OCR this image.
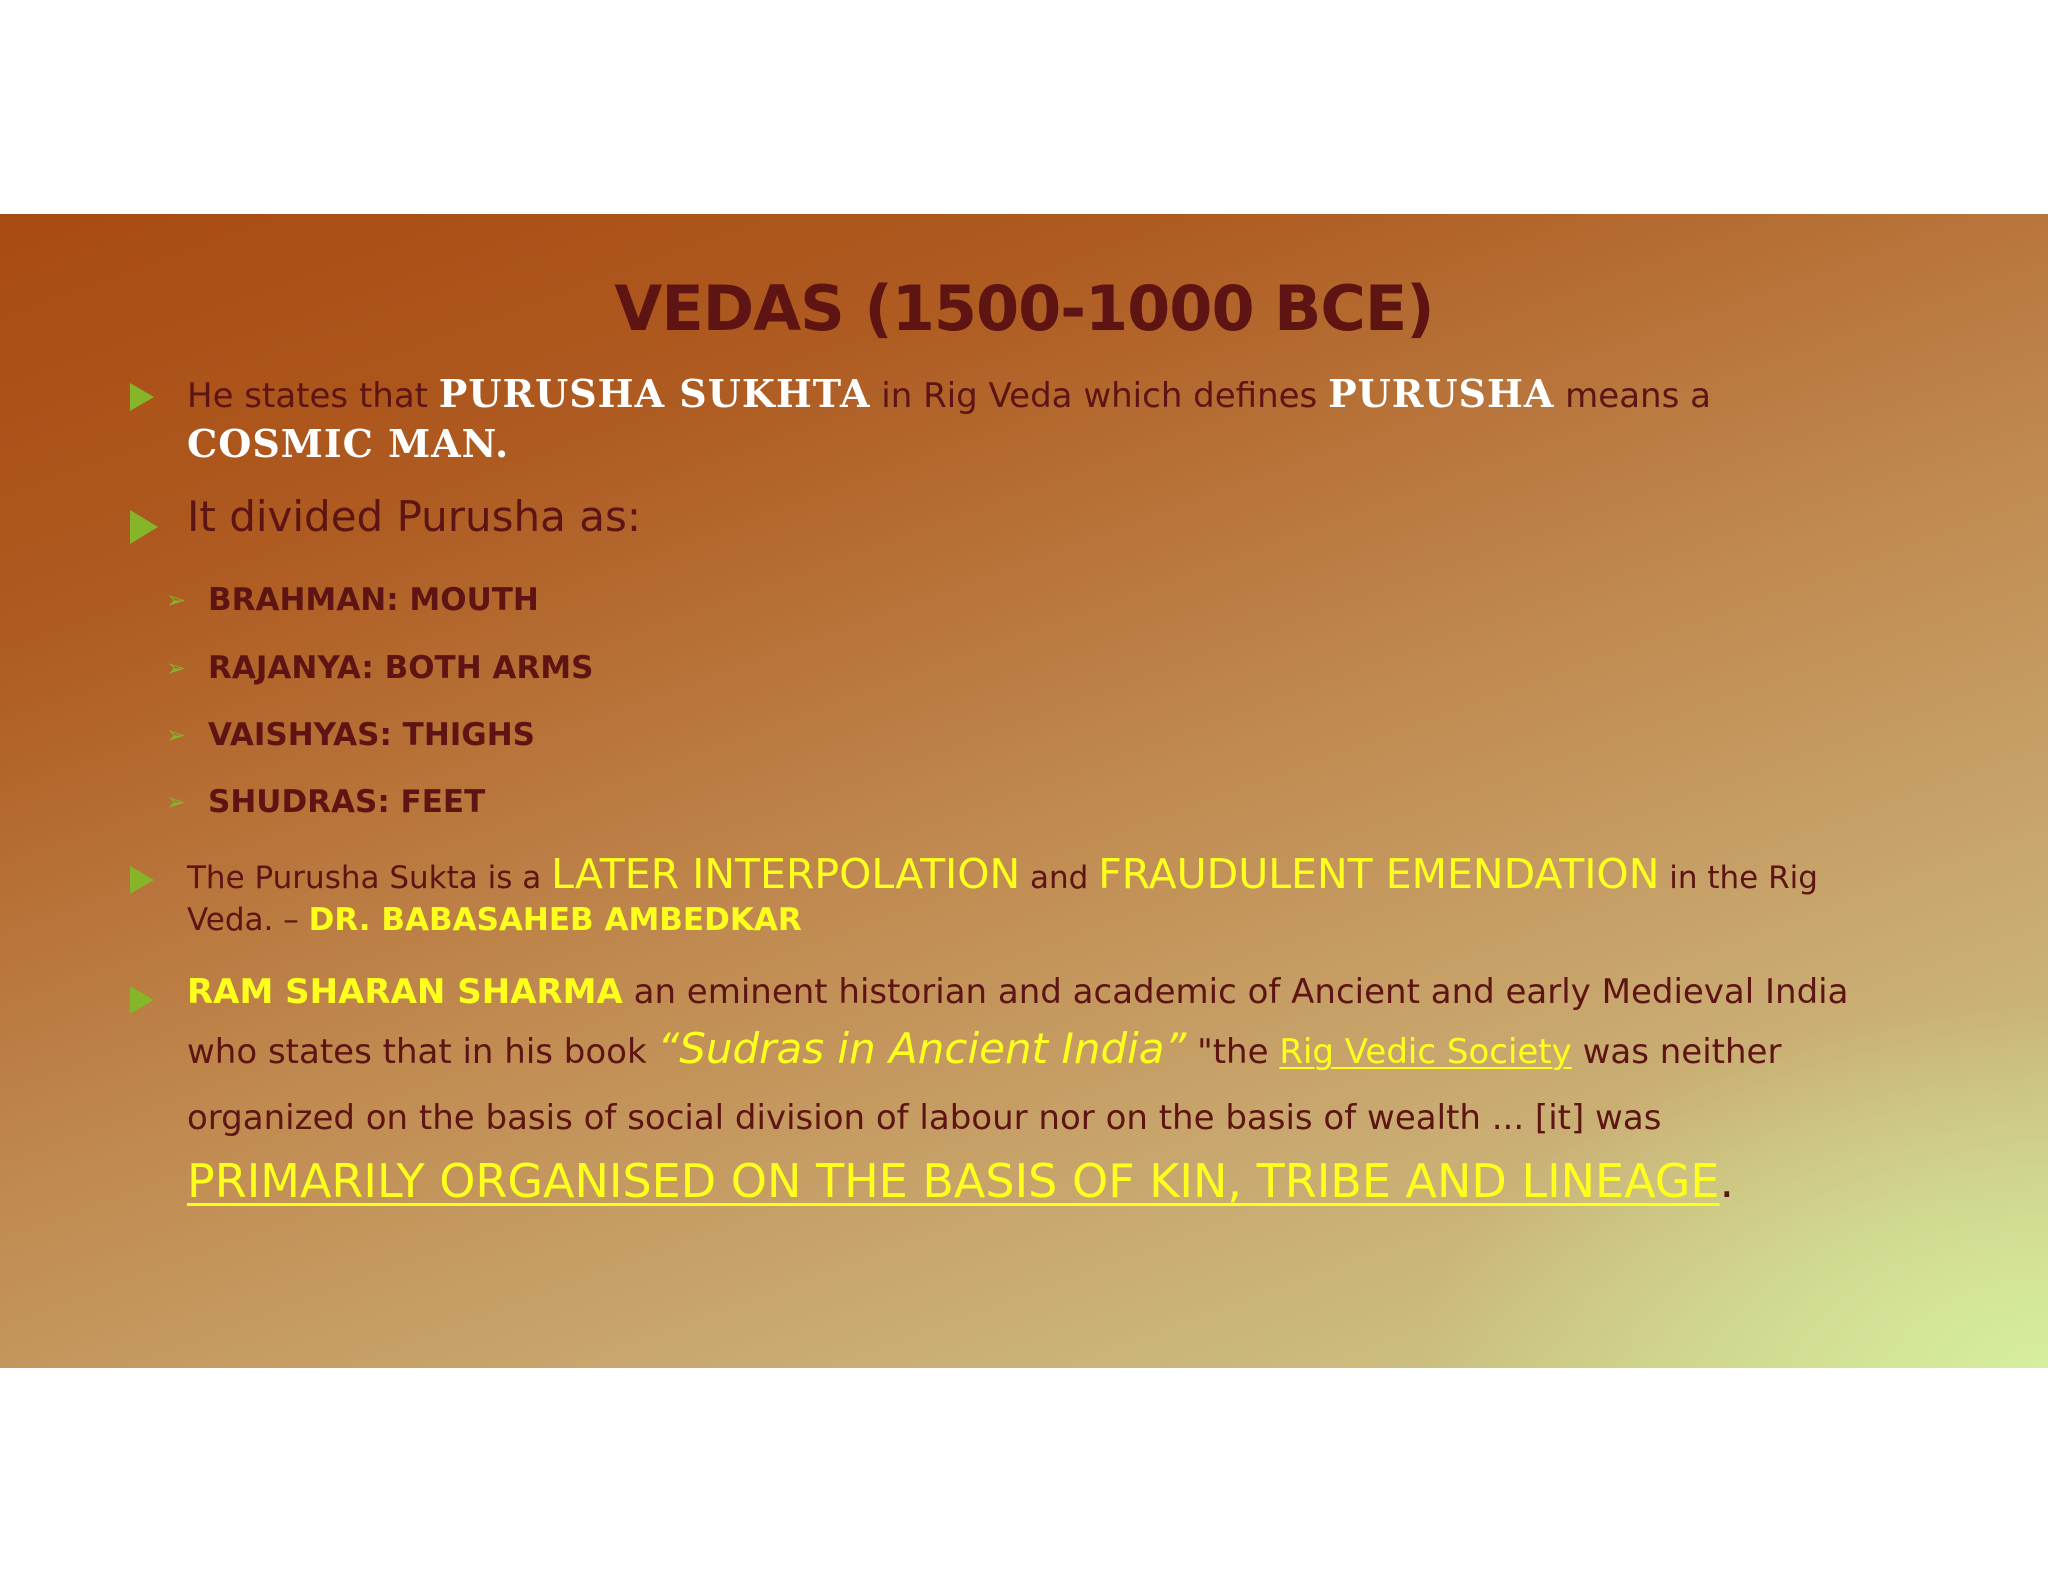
VEDAS (1500-1000 BCE)
He states that PURUSHA SUKHTA in Rig Veda which defines PURUSHA means a
COSMIC MAN.
It divided Purusha as:
➢ BRAHMAN: MOUTH
➢ RAJANYA: BOTH ARMS
➢ VAISHYAS: THIGHS
➢ SHUDRAS: FEET
The Purusha Sukta is a LATER INTERPOLATION and FRAUDULENT EMENDATION in the Rig
Veda. – DR. BABASAHEB AMBEDKAR
RAM SHARAN SHARMA an eminent historian and academic of Ancient and early Medieval India
who states that in his book “Sudras in Ancient India” "the Rig Vedic Society was neither
organized on the basis of social division of labour nor on the basis of wealth ... [it] was
PRIMARILY ORGANISED ON THE BASIS OF KIN, TRIBE AND LINEAGE.
